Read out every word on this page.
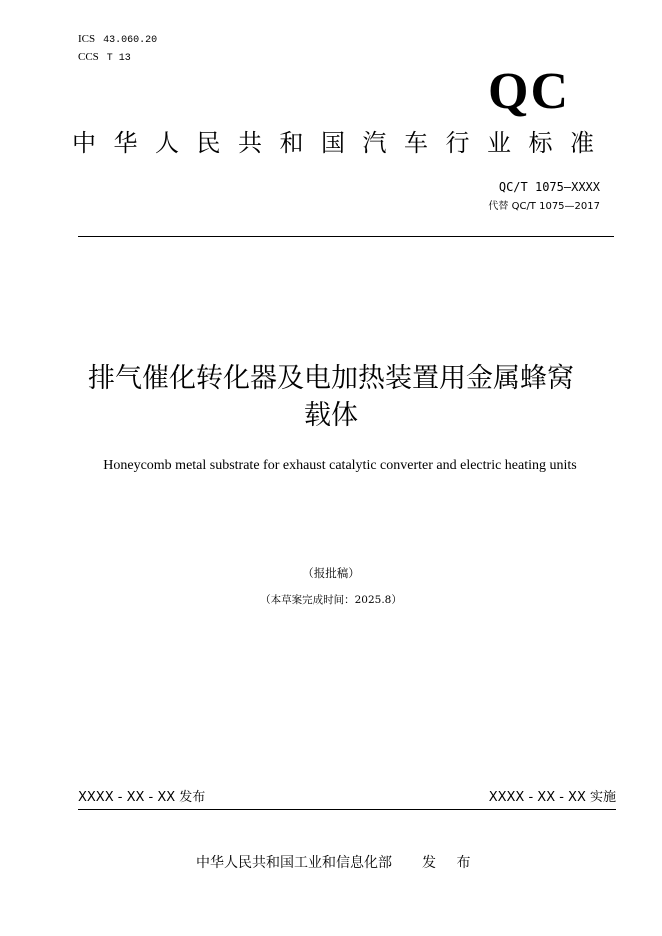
ICS 43.060.20
CCS T 13
QC
中华人民共和国汽车行业标准
QC/T 1075—XXXX
代替 QC/T 1075—2017
排气催化转化器及电加热装置用金属蜂窝
载体
Honeycomb metal substrate for exhaust catalytic converter and electric heating units
（报批稿）
（本草案完成时间：2025.8）
XXXX - XX - XX 发布	XXXX - XX - XX 实施
中华人民共和国工业和信息化部 发 布
